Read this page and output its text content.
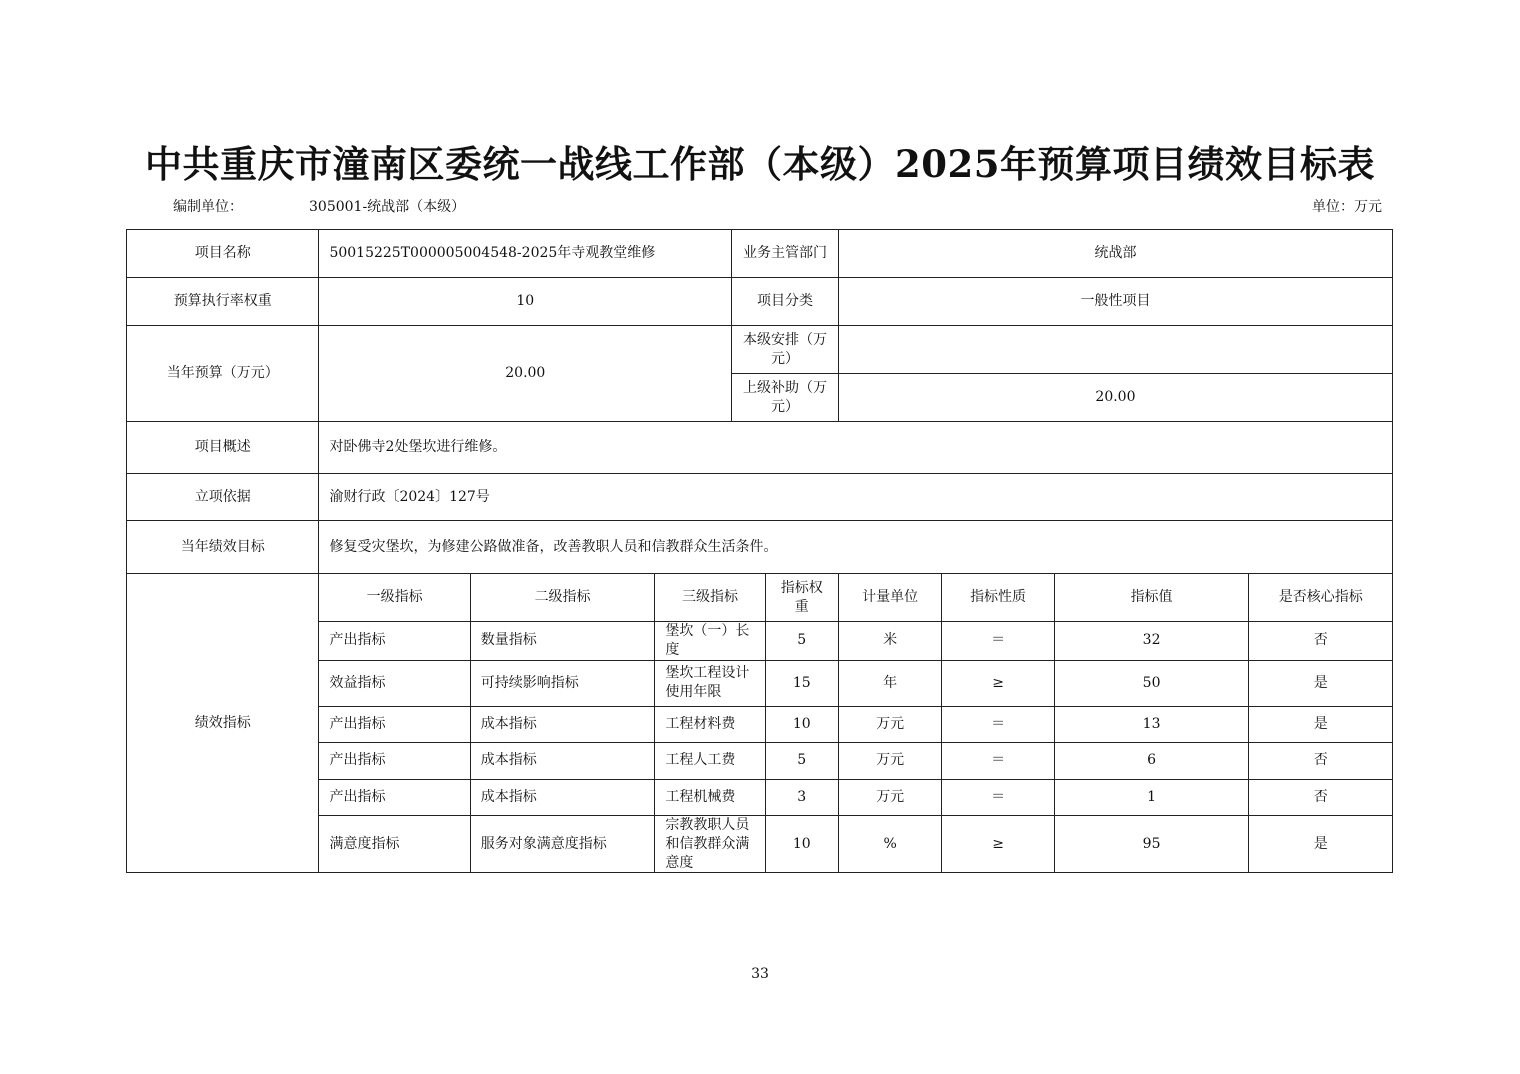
中共重庆市潼南区委统一战线工作部（本级）2025年预算项目绩效目标表
编制单位：	305001-统战部（本级）	单位：万元
项目名称	50015225T000005004548-2025年寺观教堂维修			业务主管部门		统战部			
预算执行率权重	10			项目分类		一般性项目			
当年预算（万元）	20.00			本级安排（万元）					
				上级补助（万元）		20.00			
项目概述	对卧佛寺2处堡坎进行维修。								
立项依据	渝财行政〔2024〕127号								
当年绩效目标	修复受灾堡坎，为修建公路做准备，改善教职人员和信教群众生活条件。								
绩效指标	一级指标	二级指标	三级指标		指标权重	计量单位	指标性质	指标值	是否核心指标
	产出指标	数量指标	堡坎（一）长度		5	米	＝	32	否
	效益指标	可持续影响指标	堡坎工程设计使用年限		15	年	≥	50	是
	产出指标	成本指标	工程材料费		10	万元	＝	13	是
	产出指标	成本指标	工程人工费		5	万元	＝	6	否
	产出指标	成本指标	工程机械费		3	万元	＝	1	否
	满意度指标	服务对象满意度指标	宗教教职人员和信教群众满意度		10	%	≥	95	是
33
